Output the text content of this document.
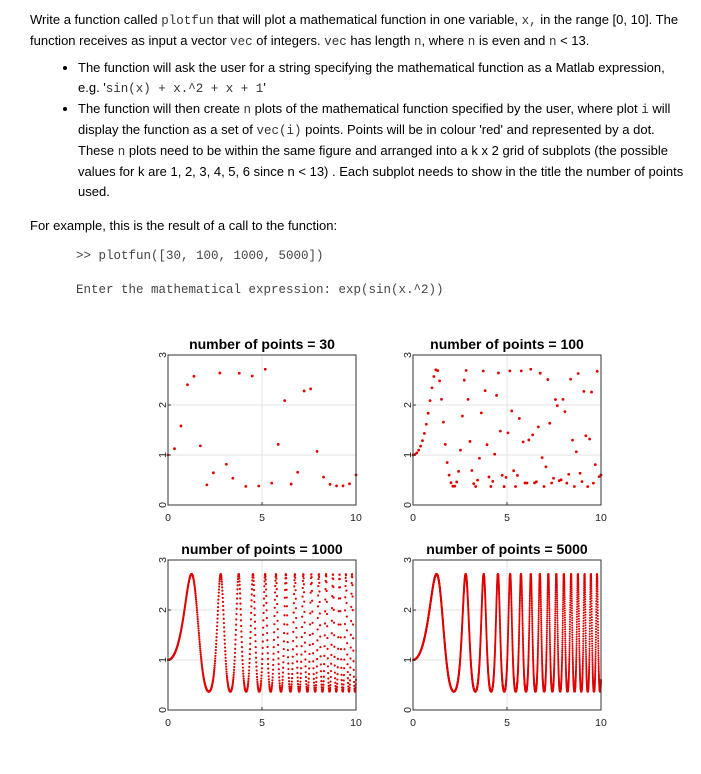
Write a function called plotfun that will plot a mathematical function in one variable, x, in the range [0, 10]. The function receives as input a vector vec of integers. vec has length n, where n is even and n < 13.

• The function will ask the user for a string specifying the mathematical function as a Matlab expression, e.g. 'sin(x) + x.^2 + x + 1'
• The function will then create n plots of the mathematical function specified by the user, where plot i will display the function as a set of vec(i) points. Points will be in colour 'red' and represented by a dot. These n plots need to be within the same figure and arranged into a k x 2 grid of subplots (the possible values for k are 1, 2, 3, 4, 5, 6 since n < 13) . Each subplot needs to show in the title the number of points used.

For example, this is the result of a call to the function:

>> plotfun([30, 100, 1000, 5000])
Enter the mathematical expression: exp(sin(x.^2))
0	5	10
0
1
2
3
number of points = 30
0	5	10
0
1
2
3
number of points = 100
0	5	10
0
1
2
3
number of points = 1000
0	5	10
0
1
2
3
number of points = 5000
